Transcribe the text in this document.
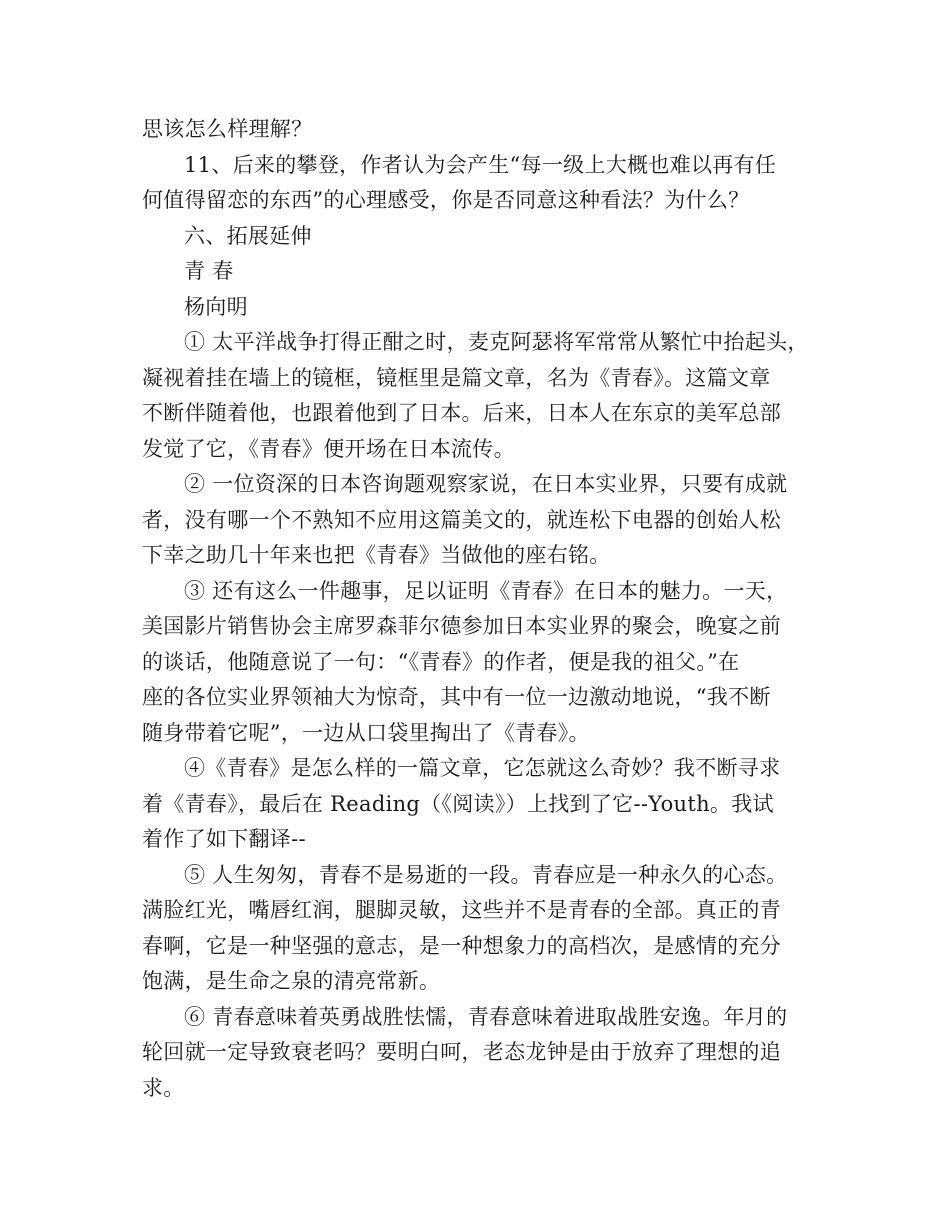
思该怎么样理解？
11、后来的攀登，作者认为会产生“每一级上大概也难以再有任
何值得留恋的东西”的心理感受，你是否同意这种看法？为什么？
六、拓展延伸
青 春
杨向明
① 太平洋战争打得正酣之时，麦克阿瑟将军常常从繁忙中抬起头，
凝视着挂在墙上的镜框，镜框里是篇文章，名为《青春》。这篇文章
不断伴随着他，也跟着他到了日本。后来，日本人在东京的美军总部
发觉了它，《青春》便开场在日本流传。
② 一位资深的日本咨询题观察家说，在日本实业界，只要有成就
者，没有哪一个不熟知不应用这篇美文的，就连松下电器的创始人松
下幸之助几十年来也把《青春》当做他的座右铭。
③ 还有这么一件趣事，足以证明《青春》在日本的魅力。一天，
美国影片销售协会主席罗森菲尔德参加日本实业界的聚会，晚宴之前
的谈话，他随意说了一句：“《青春》的作者，便是我的祖父。”在
座的各位实业界领袖大为惊奇，其中有一位一边激动地说，“我不断
随身带着它呢”，一边从口袋里掏出了《青春》。
④《青春》是怎么样的一篇文章，它怎就这么奇妙？我不断寻求
着《青春》，最后在 Reading（《阅读》）上找到了它--Youth。我试
着作了如下翻译--
⑤ 人生匆匆，青春不是易逝的一段。青春应是一种永久的心态。
满脸红光，嘴唇红润，腿脚灵敏，这些并不是青春的全部。真正的青
春啊，它是一种坚强的意志，是一种想象力的高档次，是感情的充分
饱满，是生命之泉的清亮常新。
⑥ 青春意味着英勇战胜怯懦，青春意味着进取战胜安逸。年月的
轮回就一定导致衰老吗？要明白呵，老态龙钟是由于放弃了理想的追
求。
